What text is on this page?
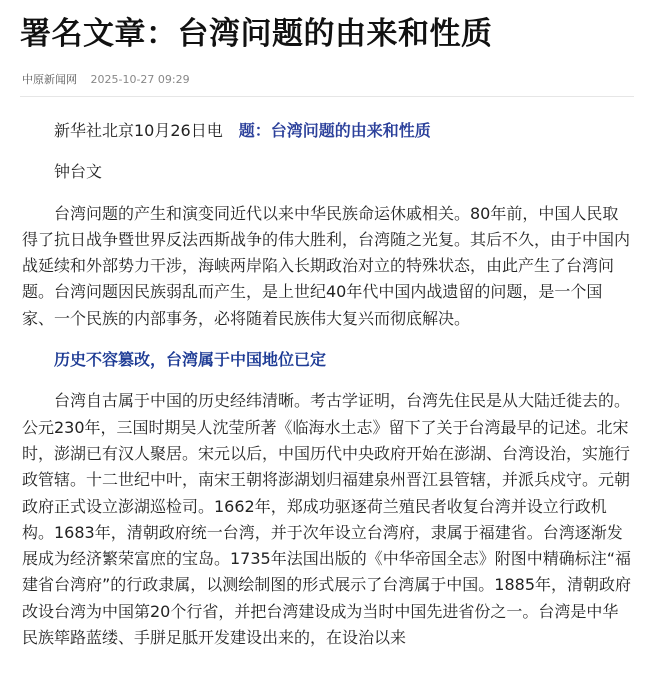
署名文章：台湾问题的由来和性质
中原新闻网 2025-10-27 09:29

新华社北京10月26日电 题：台湾问题的由来和性质

钟台文

台湾问题的产生和演变同近代以来中华民族命运休戚相关。80年前，中国人民取得了抗日战争暨世界反法西斯战争的伟大胜利，台湾随之光复。其后不久，由于中国内战延续和外部势力干涉，海峡两岸陷入长期政治对立的特殊状态，由此产生了台湾问题。台湾问题因民族弱乱而产生，是上世纪40年代中国内战遗留的问题，是一个国家、一个民族的内部事务，必将随着民族伟大复兴而彻底解决。

历史不容篡改，台湾属于中国地位已定

台湾自古属于中国的历史经纬清晰。考古学证明，台湾先住民是从大陆迁徙去的。公元230年，三国时期吴人沈莹所著《临海水土志》留下了关于台湾最早的记述。北宋时，澎湖已有汉人聚居。宋元以后，中国历代中央政府开始在澎湖、台湾设治，实施行政管辖。十二世纪中叶，南宋王朝将澎湖划归福建泉州晋江县管辖，并派兵戍守。元朝政府正式设立澎湖巡检司。1662年，郑成功驱逐荷兰殖民者收复台湾并设立行政机构。1683年，清朝政府统一台湾，并于次年设立台湾府，隶属于福建省。台湾逐渐发展成为经济繁荣富庶的宝岛。1735年法国出版的《中华帝国全志》附图中精确标注“福建省台湾府”的行政隶属，以测绘制图的形式展示了台湾属于中国。1885年，清朝政府改设台湾为中国第20个行省，并把台湾建设成为当时中国先进省份之一。台湾是中华民族筚路蓝缕、手胼足胝开发建设出来的，在设治以来
